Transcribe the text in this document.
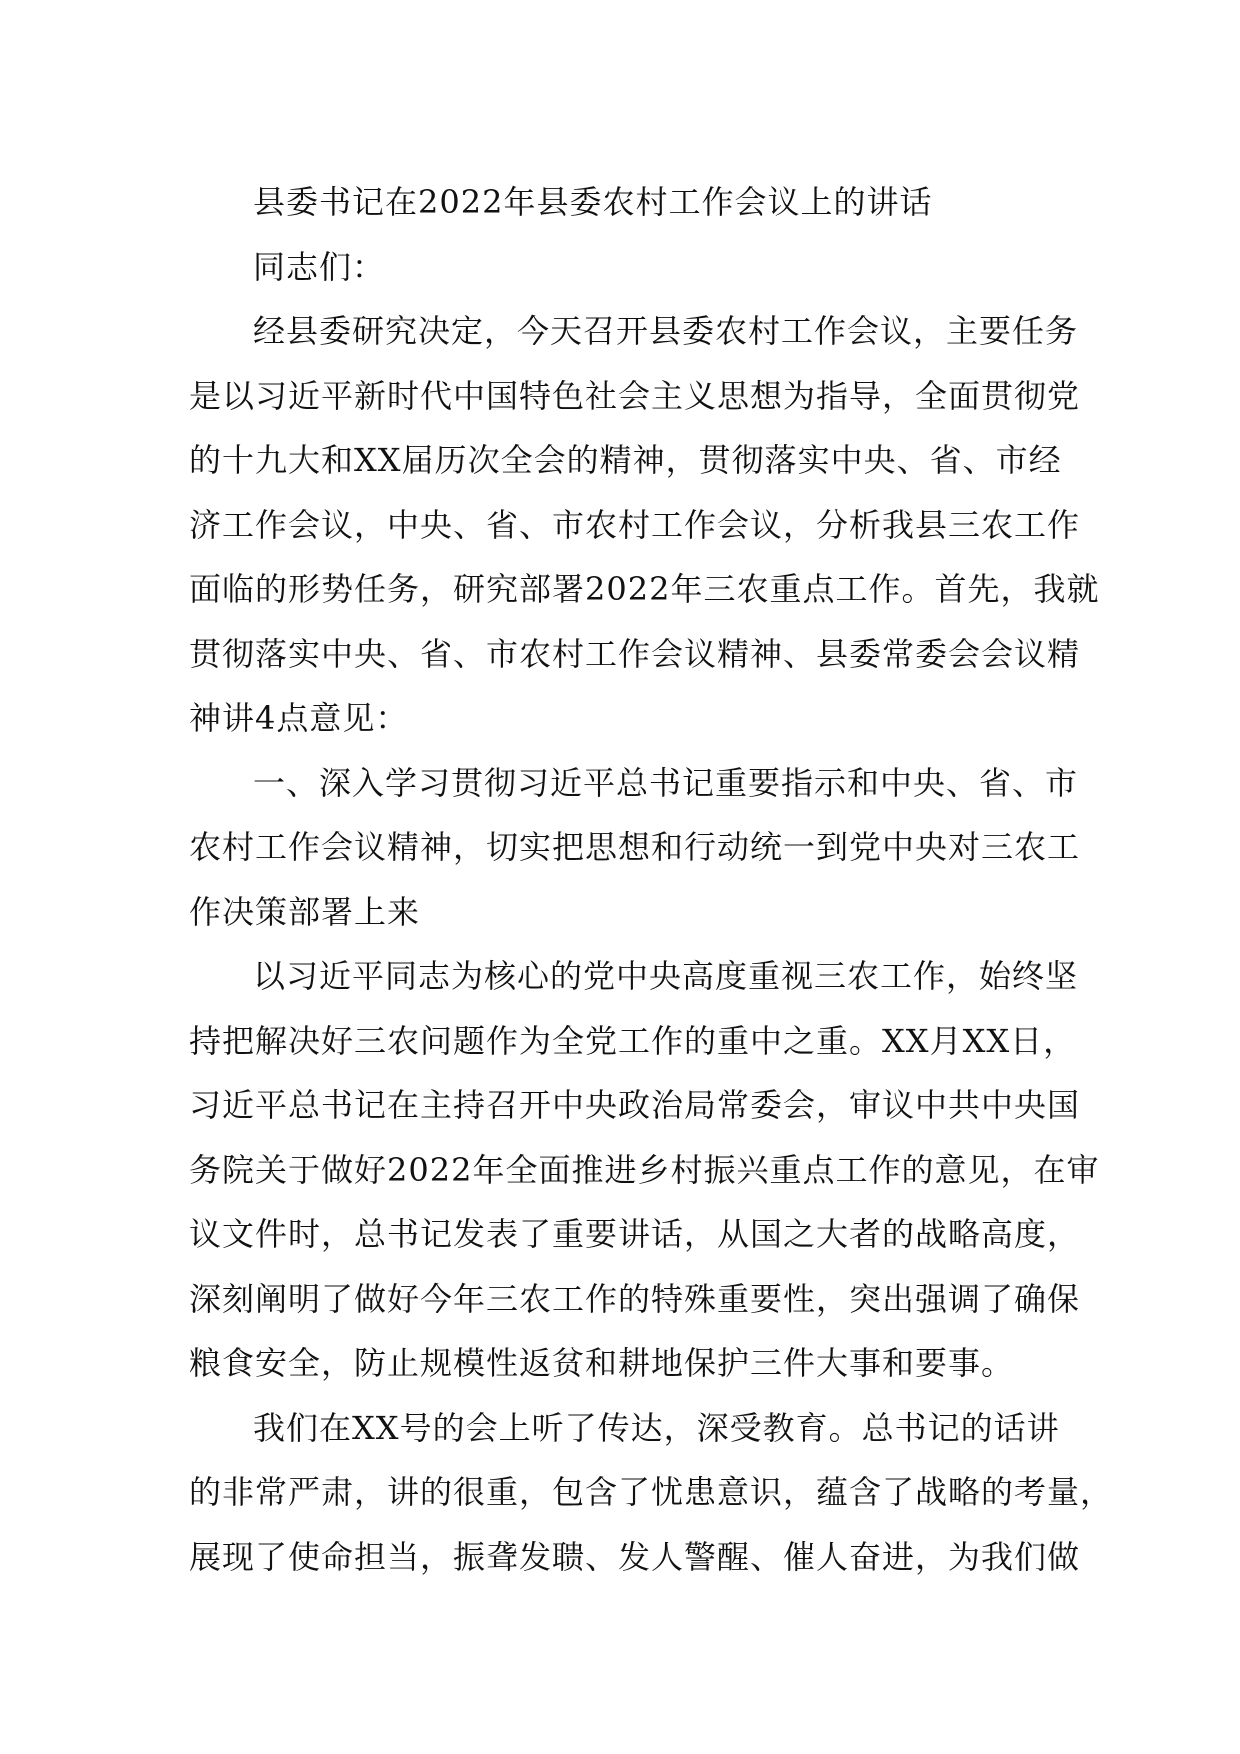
县委书记在2022年县委农村工作会议上的讲话

同志们：

经县委研究决定，今天召开县委农村工作会议，主要任务
是以习近平新时代中国特色社会主义思想为指导，全面贯彻党
的十九大和XX届历次全会的精神，贯彻落实中央、省、市经
济工作会议，中央、省、市农村工作会议，分析我县三农工作
面临的形势任务，研究部署2022年三农重点工作。首先，我就
贯彻落实中央、省、市农村工作会议精神、县委常委会会议精
神讲4点意见：
一、深入学习贯彻习近平总书记重要指示和中央、省、市
农村工作会议精神，切实把思想和行动统一到党中央对三农工
作决策部署上来
以习近平同志为核心的党中央高度重视三农工作，始终坚
持把解决好三农问题作为全党工作的重中之重。XX月XX日，
习近平总书记在主持召开中央政治局常委会，审议中共中央国
务院关于做好2022年全面推进乡村振兴重点工作的意见，在审
议文件时，总书记发表了重要讲话，从国之大者的战略高度，
深刻阐明了做好今年三农工作的特殊重要性，突出强调了确保
粮食安全，防止规模性返贫和耕地保护三件大事和要事。
我们在XX号的会上听了传达，深受教育。总书记的话讲
的非常严肃，讲的很重，包含了忧患意识，蕴含了战略的考量，
展现了使命担当，振聋发聩、发人警醒、催人奋进，为我们做
